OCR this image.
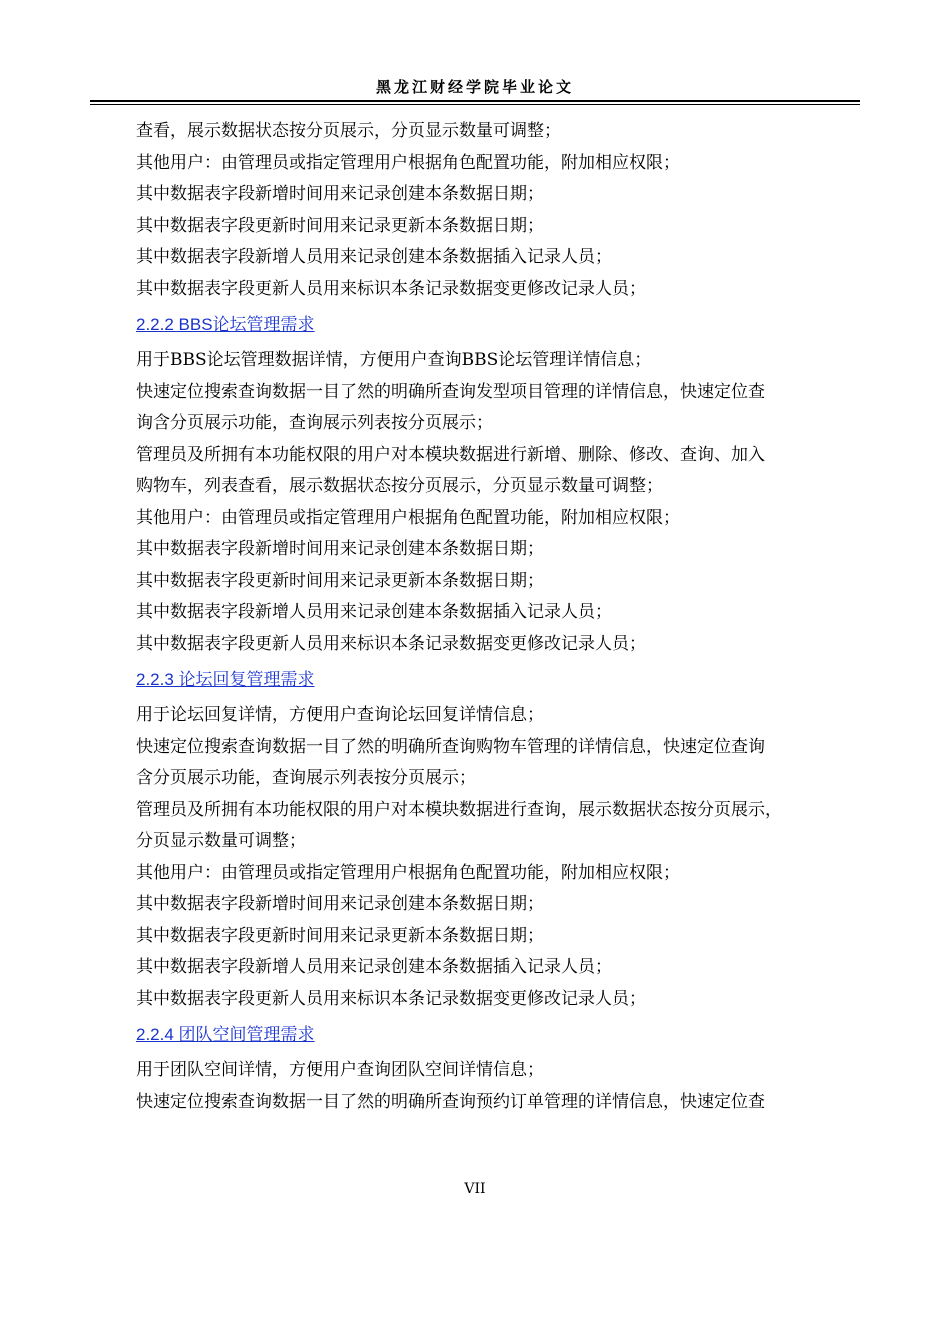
黑龙江财经学院毕业论文
查看，展示数据状态按分页展示，分页显示数量可调整；
其他用户：由管理员或指定管理用户根据角色配置功能，附加相应权限；
其中数据表字段新增时间用来记录创建本条数据日期；
其中数据表字段更新时间用来记录更新本条数据日期；
其中数据表字段新增人员用来记录创建本条数据插入记录人员；
其中数据表字段更新人员用来标识本条记录数据变更修改记录人员；
2.2.2 BBS论坛管理需求
用于BBS论坛管理数据详情，方便用户查询BBS论坛管理详情信息；
快速定位搜索查询数据一目了然的明确所查询发型项目管理的详情信息，快速定位查
询含分页展示功能，查询展示列表按分页展示；
管理员及所拥有本功能权限的用户对本模块数据进行新增、删除、修改、查询、加入
购物车，列表查看，展示数据状态按分页展示，分页显示数量可调整；
其他用户：由管理员或指定管理用户根据角色配置功能，附加相应权限；
其中数据表字段新增时间用来记录创建本条数据日期；
其中数据表字段更新时间用来记录更新本条数据日期；
其中数据表字段新增人员用来记录创建本条数据插入记录人员；
其中数据表字段更新人员用来标识本条记录数据变更修改记录人员；
2.2.3 论坛回复管理需求
用于论坛回复详情，方便用户查询论坛回复详情信息；
快速定位搜索查询数据一目了然的明确所查询购物车管理的详情信息，快速定位查询
含分页展示功能，查询展示列表按分页展示；
管理员及所拥有本功能权限的用户对本模块数据进行查询，展示数据状态按分页展示，
分页显示数量可调整；
其他用户：由管理员或指定管理用户根据角色配置功能，附加相应权限；
其中数据表字段新增时间用来记录创建本条数据日期；
其中数据表字段更新时间用来记录更新本条数据日期；
其中数据表字段新增人员用来记录创建本条数据插入记录人员；
其中数据表字段更新人员用来标识本条记录数据变更修改记录人员；
2.2.4 团队空间管理需求
用于团队空间详情，方便用户查询团队空间详情信息；
快速定位搜索查询数据一目了然的明确所查询预约订单管理的详情信息，快速定位查
VII
